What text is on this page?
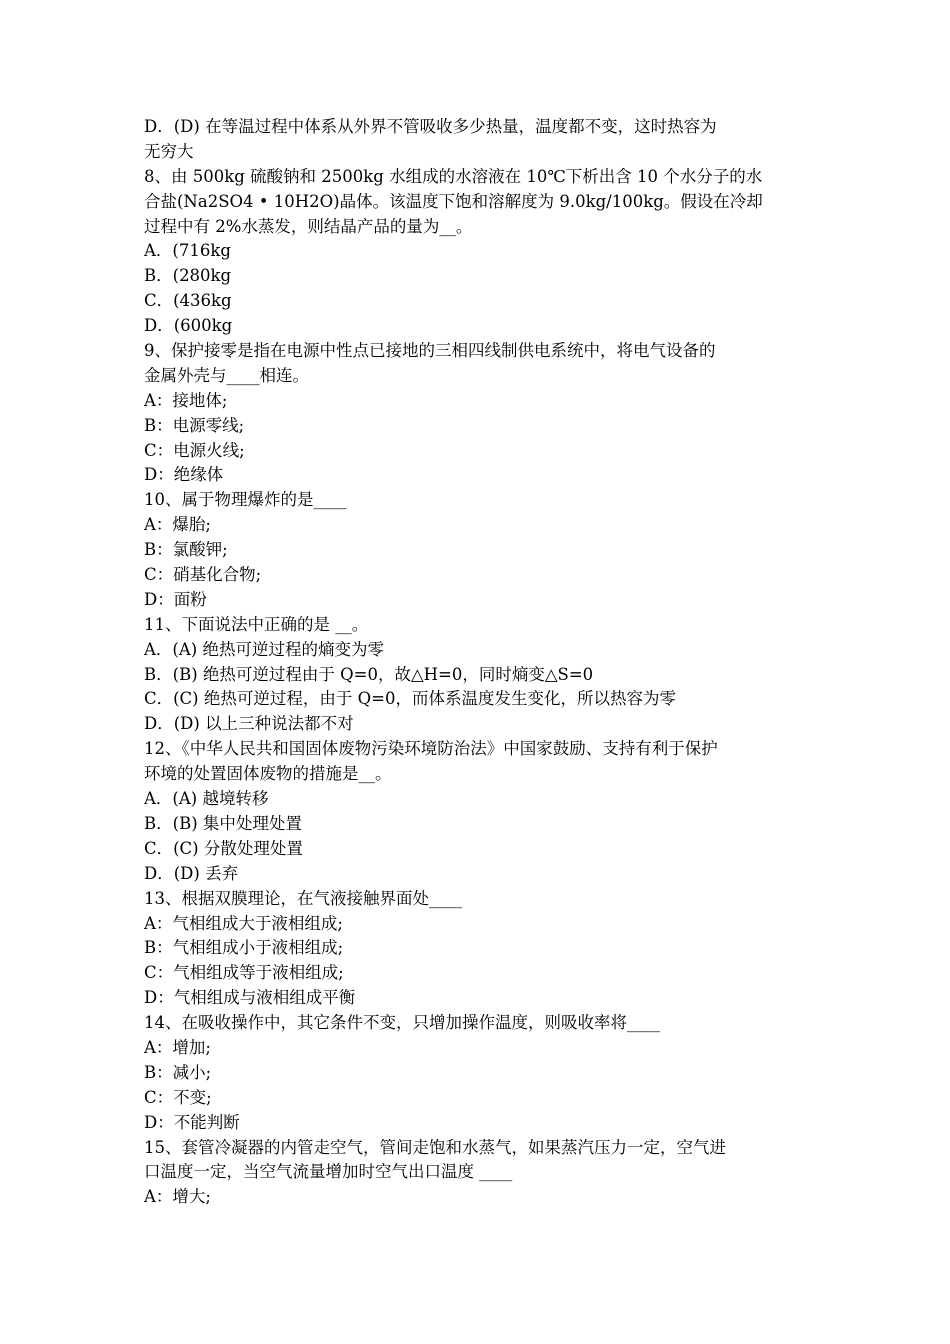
D．(D) 在等温过程中体系从外界不管吸收多少热量，温度都不变，这时热容为
无穷大
8、由 500kg 硫酸钠和 2500kg 水组成的水溶液在 10℃下析出含 10 个水分子的水
合盐(Na2SO4 • 10H2O)晶体。该温度下饱和溶解度为 9.0kg/100kg。假设在冷却
过程中有 2%水蒸发，则结晶产品的量为__。
A．(716kg
B．(280kg
C．(436kg
D．(600kg
9、保护接零是指在电源中性点已接地的三相四线制供电系统中，将电气设备的
金属外壳与____相连。
A：接地体;
B：电源零线;
C：电源火线;
D：绝缘体
10、属于物理爆炸的是____
A：爆胎;
B：氯酸钾;
C：硝基化合物;
D：面粉
11、下面说法中正确的是 __。
A．(A) 绝热可逆过程的熵变为零
B．(B) 绝热可逆过程由于 Q=0，故△H=0，同时熵变△S=0
C．(C) 绝热可逆过程，由于 Q=0，而体系温度发生变化，所以热容为零
D．(D) 以上三种说法都不对
12、《中华人民共和国固体废物污染环境防治法》中国家鼓励、支持有利于保护
环境的处置固体废物的措施是__。
A．(A) 越境转移
B．(B) 集中处理处置
C．(C) 分散处理处置
D．(D) 丢弃
13、根据双膜理论，在气液接触界面处____
A：气相组成大于液相组成;
B：气相组成小于液相组成;
C：气相组成等于液相组成;
D：气相组成与液相组成平衡
14、在吸收操作中，其它条件不变，只增加操作温度，则吸收率将____
A：增加;
B：减小;
C：不变;
D：不能判断
15、套管冷凝器的内管走空气，管间走饱和水蒸气，如果蒸汽压力一定，空气进
口温度一定，当空气流量增加时空气出口温度 ____
A：增大;
